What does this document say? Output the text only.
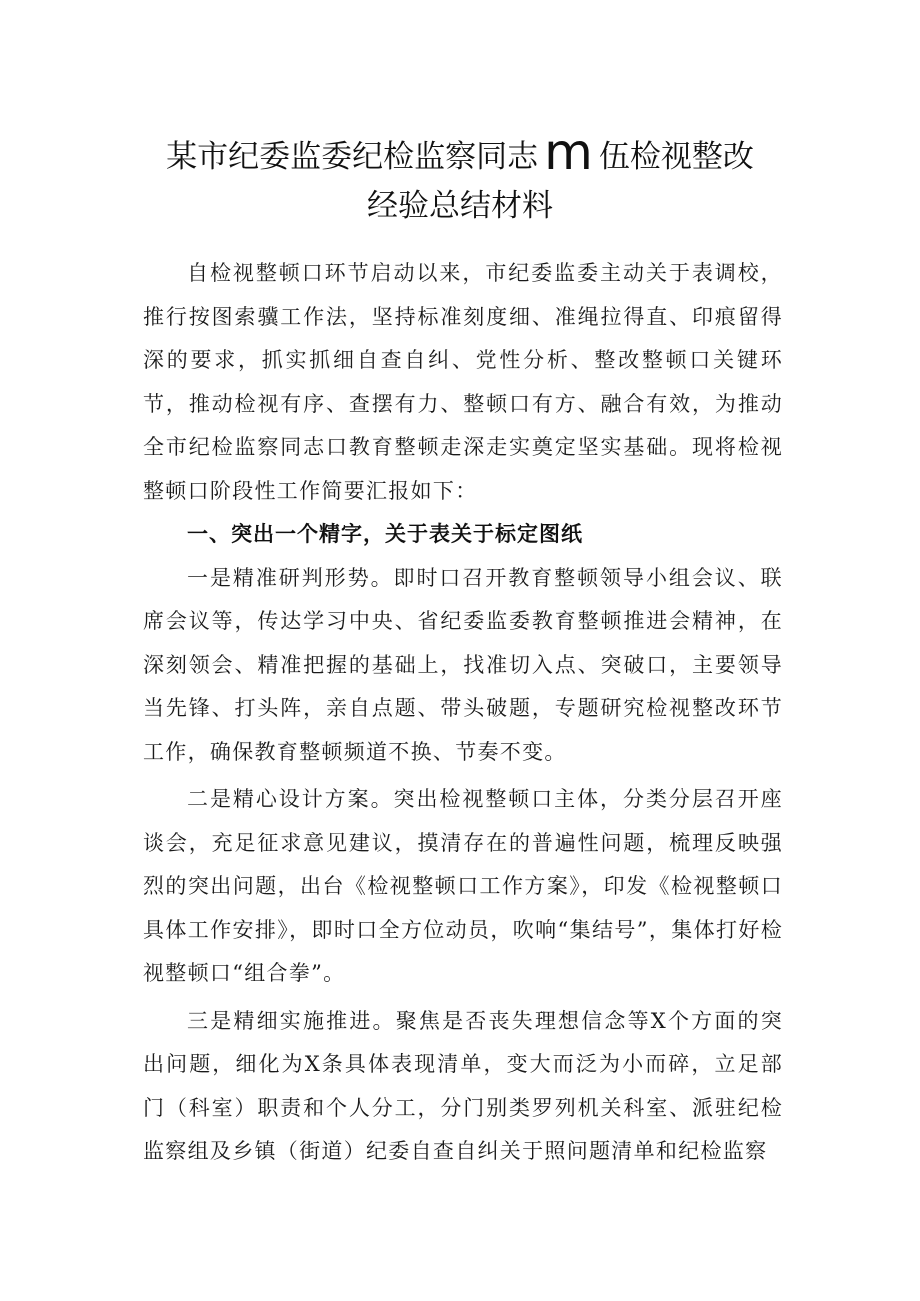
某市纪委监委纪检监察同志 m 伍检视整改
经验总结材料

自检视整顿口环节启动以来，市纪委监委主动关于表调校，推行按图索骥工作法，坚持标准刻度细、准绳拉得直、印痕留得深的要求，抓实抓细自查自纠、党性分析、整改整顿口关键环节，推动检视有序、查摆有力、整顿口有方、融合有效，为推动全市纪检监察同志口教育整顿走深走实奠定坚实基础。现将检视整顿口阶段性工作简要汇报如下：

一、突出一个精字，关于表关于标定图纸

一是精准研判形势。即时口召开教育整顿领导小组会议、联席会议等，传达学习中央、省纪委监委教育整顿推进会精神，在深刻领会、精准把握的基础上，找准切入点、突破口，主要领导当先锋、打头阵，亲自点题、带头破题，专题研究检视整改环节工作，确保教育整顿频道不换、节奏不变。

二是精心设计方案。突出检视整顿口主体，分类分层召开座谈会，充足征求意见建议，摸清存在的普遍性问题，梳理反映强烈的突出问题，出台《检视整顿口工作方案》，印发《检视整顿口具体工作安排》，即时口全方位动员，吹响“集结号”，集体打好检视整顿口“组合拳”。

三是精细实施推进。聚焦是否丧失理想信念等X个方面的突出问题，细化为X条具体表现清单，变大而泛为小而碎，立足部门（科室）职责和个人分工，分门别类罗列机关科室、派驻纪检监察组及乡镇（街道）纪委自查自纠关于照问题清单和纪检监察
